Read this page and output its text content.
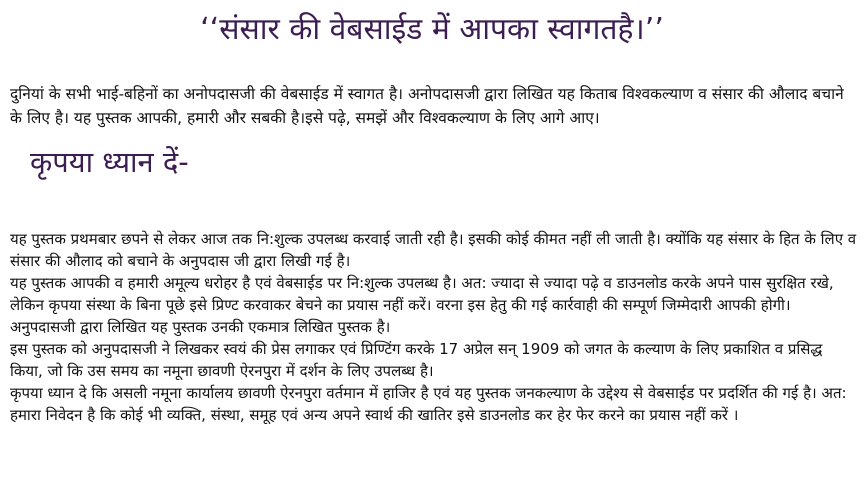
‘‘संसार की वेबसाईड में आपका स्वागतहै।’’
दुनियां के सभी भाई-बहिनों का अनोपदासजी की वेबसाईड में स्वागत है। अनोपदासजी द्वारा लिखित यह किताब विश्वकल्याण व संसार की औलाद बचाने के लिए है। यह पुस्तक आपकी, हमारी और सबकी है।इसे पढ़े, समझें और विश्वकल्याण के लिए आगे आए।
कृपया ध्यान दें-

यह पुस्तक प्रथमबार छपने से लेकर आज तक नि:शुल्क उपलब्ध करवाई जाती रही है। इसकी कोई कीमत नहीं ली जाती है। क्योंकि यह संसार के हित के लिए व संसार की औलाद को बचाने के अनुपदास जी द्वारा लिखी गई है।

यह पुस्तक आपकी व हमारी अमूल्य धरोहर है एवं वेबसाईड पर नि:शुल्क उपलब्ध है। अत: ज्यादा से ज्यादा पढ़े व डाउनलोड करके अपने पास सुरक्षित रखे, लेकिन कृपया संस्था के बिना पूछे इसे प्रिण्ट करवाकर बेचने का प्रयास नहीं करें। वरना इस हेतु की गई कार्रवाही की सम्पूर्ण जिम्मेदारी आपकी होगी।

अनुपदासजी द्वारा लिखित यह पुस्तक उनकी एकमात्र लिखित पुस्तक है।

इस पुस्तक को अनुपदासजी ने लिखकर स्वयं की प्रेस लगाकर एवं प्रिण्टिंग करके 17 अप्रेल सन् 1909 को जगत के कल्याण के लिए प्रकाशित व प्रसिद्ध किया, जो कि उस समय का नमूना छावणी ऐरनपुरा में दर्शन के लिए उपलब्ध है।

कृपया ध्यान दे कि असली नमूना कार्यालय छावणी ऐरनपुरा वर्तमान में हाजिर है एवं यह पुस्तक जनकल्याण के उद्देश्य से वेबसाईड पर प्रदर्शित की गई है। अत: हमारा निवेदन है कि कोई भी व्यक्ति, संस्था, समूह एवं अन्य अपने स्वार्थ की खातिर इसे डाउनलोड कर हेर फेर करने का प्रयास नहीं करें ।
